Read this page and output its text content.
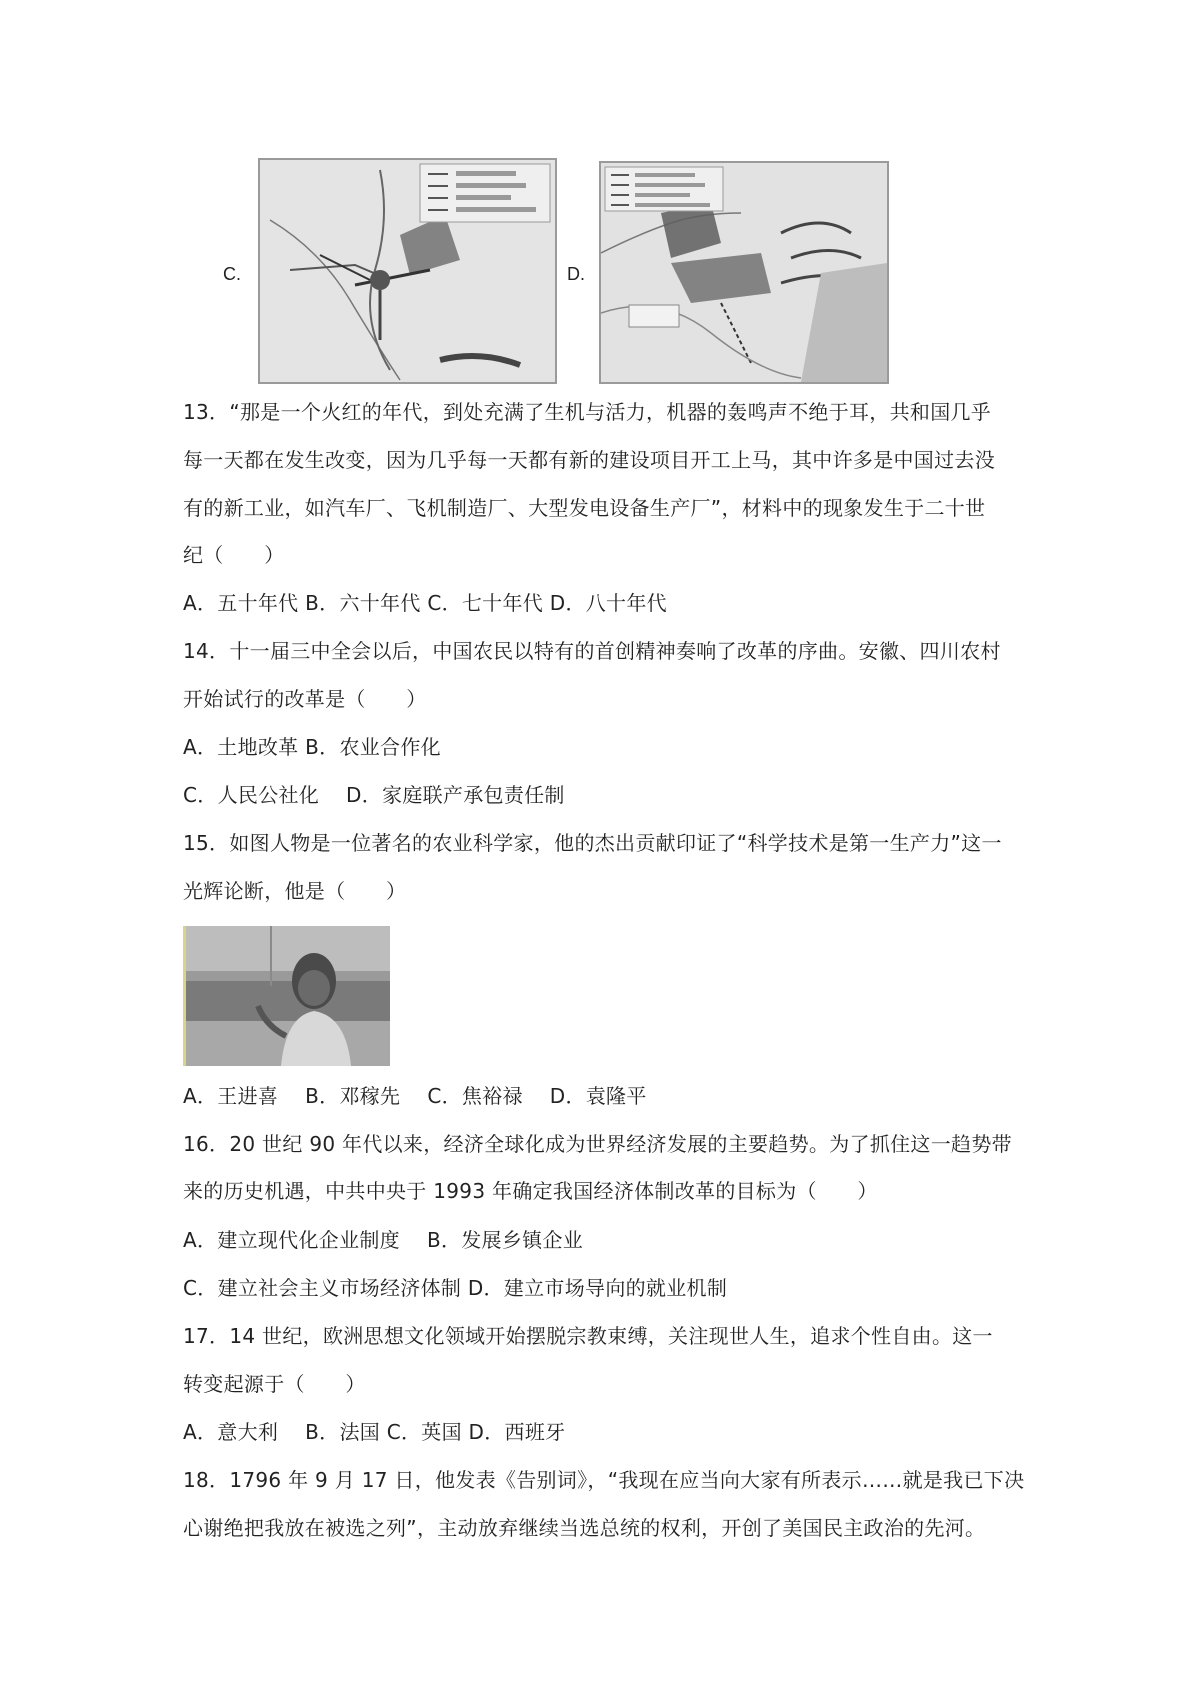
C.	D.
13．“那是一个火红的年代，到处充满了生机与活力，机器的轰鸣声不绝于耳，共和国几乎
每一天都在发生改变，因为几乎每一天都有新的建设项目开工上马，其中许多是中国过去没
有的新工业，如汽车厂、飞机制造厂、大型发电设备生产厂”，材料中的现象发生于二十世
纪（　　）
A．五十年代 B．六十年代 C．七十年代 D．八十年代
14．十一届三中全会以后，中国农民以特有的首创精神奏响了改革的序曲。安徽、四川农村
开始试行的改革是（　　）
A．土地改革 B．农业合作化
C．人民公社化　 D．家庭联产承包责任制
15．如图人物是一位著名的农业科学家，他的杰出贡献印证了“科学技术是第一生产力”这一
光辉论断，他是（　　）
A．王进喜　 B．邓稼先　 C．焦裕禄　 D．袁隆平
16．20 世纪 90 年代以来，经济全球化成为世界经济发展的主要趋势。为了抓住这一趋势带
来的历史机遇，中共中央于 1993 年确定我国经济体制改革的目标为（　　）
A．建立现代化企业制度　 B．发展乡镇企业
C．建立社会主义市场经济体制 D．建立市场导向的就业机制
17．14 世纪，欧洲思想文化领域开始摆脱宗教束缚，关注现世人生，追求个性自由。这一
转变起源于（　　）
A．意大利　 B．法国 C．英国 D．西班牙
18．1796 年 9 月 17 日，他发表《告别词》，“我现在应当向大家有所表示……就是我已下决
心谢绝把我放在被选之列”，主动放弃继续当选总统的权利，开创了美国民主政治的先河。
